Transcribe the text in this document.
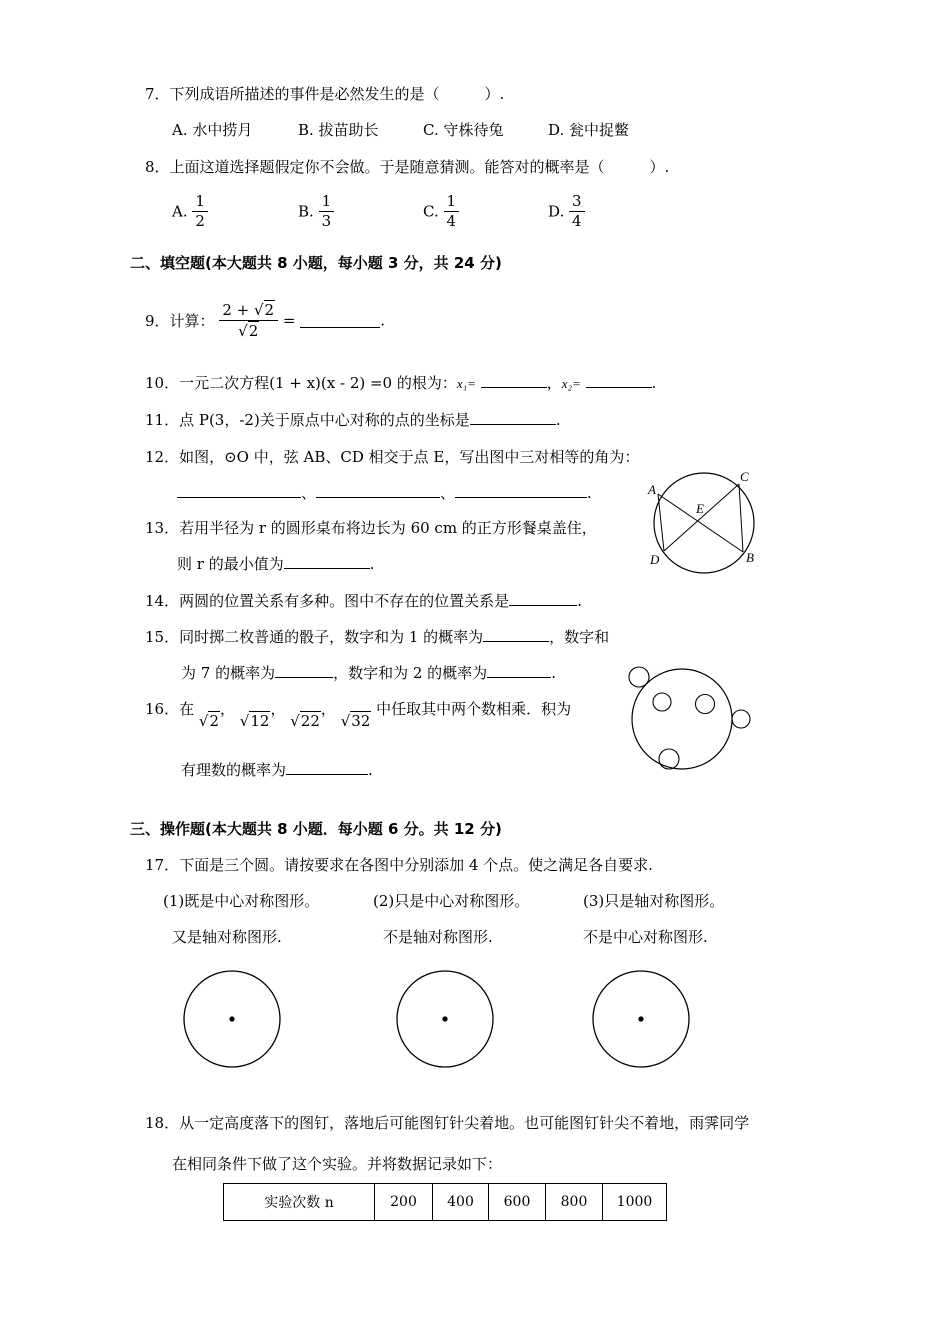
7．下列成语所描述的事件是必然发生的是（　　　）.
A. 水中捞月	B. 拔苗助长	C. 守株待兔	D. 瓮中捉鳖
8．上面这道选择题假定你不会做。于是随意猜测。能答对的概率是（　　　）.
A. $\frac{1}{2}$	B. $\frac{1}{3}$	C. $\frac{1}{4}$	D. $\frac{3}{4}$
二、填空题(本大题共 8 小题，每小题 3 分，共 24 分)
9．计算： $\frac{2 + √2}{√2}$ =	.
10．一元二次方程(1 + x)(x - 2) =0 的根为：x₁=	，x₂=	.
11．点 P(3，-2)关于原点中心对称的点的坐标是	.
12．如图，⊙O 中，弦 AB、CD 相交于点 E，写出图中三对相等的角为：
、	、	.	A
C
E
D	B
13．若用半径为 r 的圆形桌布将边长为 60 cm 的正方形餐桌盖住，
则 r 的最小值为	.
14．两圆的位置关系有多种。图中不存在的位置关系是	.
15．同时掷二枚普通的骰子，数字和为 1 的概率为	，数字和
为 7 的概率为	，数字和为 2 的概率为	.
16．在 √2， √12， √22， √32 中任取其中两个数相乘．积为
有理数的概率为	.
三、操作题(本大题共 8 小题．每小题 6 分。共 12 分)
17．下面是三个圆。请按要求在各图中分别添加 4 个点。使之满足各自要求.
(1)既是中心对称图形。
又是轴对称图形.
(2)只是中心对称图形。
不是轴对称图形.
(3)只是轴对称图形。
不是中心对称图形.
18．从一定高度落下的图钉，落地后可能图钉针尖着地。也可能图钉针尖不着地，雨霁同学
在相同条件下做了这个实验。并将数据记录如下：
实验次数 n	200	400	600	800	1000
